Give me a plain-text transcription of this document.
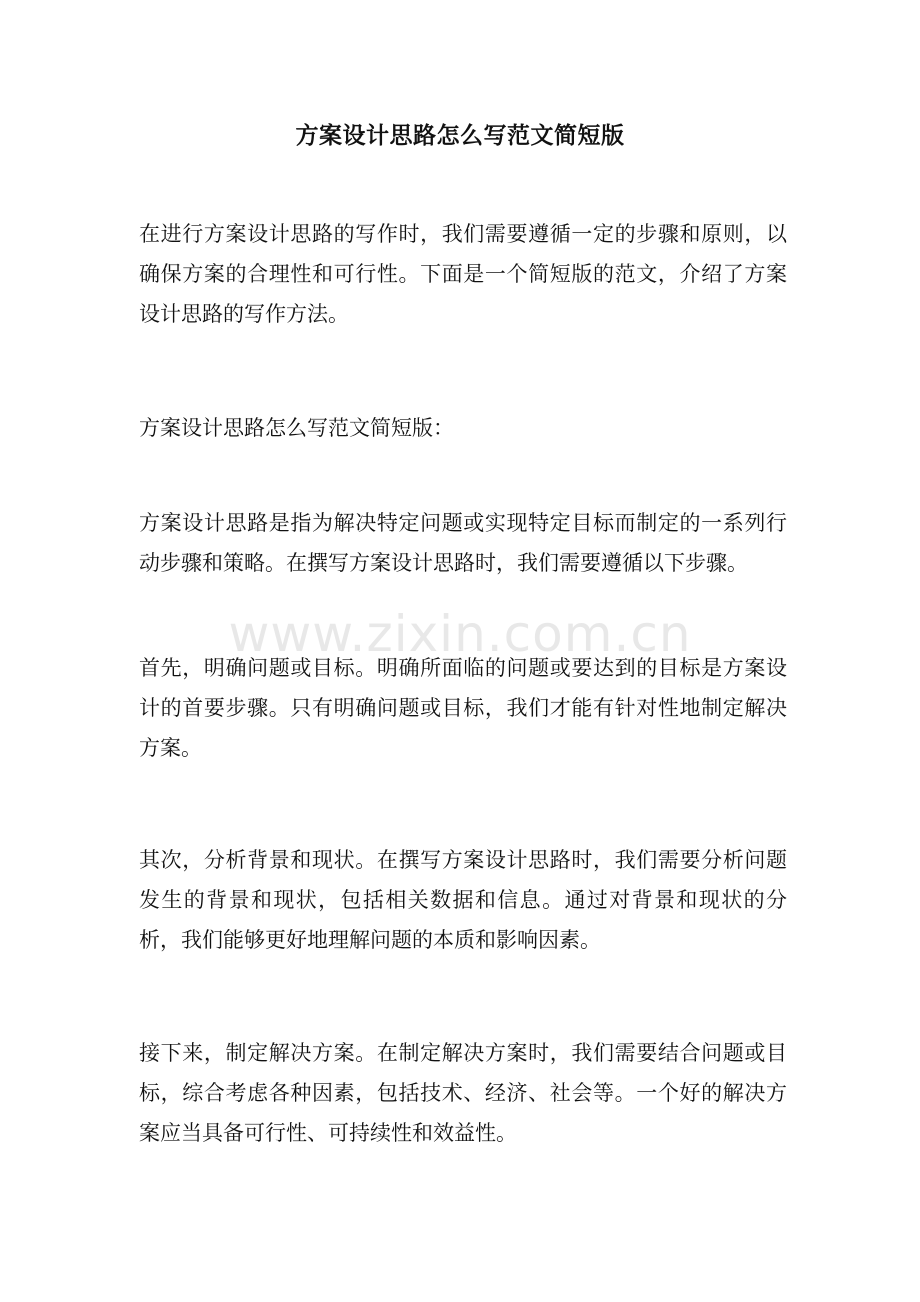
方案设计思路怎么写范文简短版

在进行方案设计思路的写作时，我们需要遵循一定的步骤和原则，以确保方案的合理性和可行性。下面是一个简短版的范文，介绍了方案设计思路的写作方法。

方案设计思路怎么写范文简短版：

方案设计思路是指为解决特定问题或实现特定目标而制定的一系列行动步骤和策略。在撰写方案设计思路时，我们需要遵循以下步骤。

首先，明确问题或目标。明确所面临的问题或要达到的目标是方案设计的首要步骤。只有明确问题或目标，我们才能有针对性地制定解决方案。

其次，分析背景和现状。在撰写方案设计思路时，我们需要分析问题发生的背景和现状，包括相关数据和信息。通过对背景和现状的分析，我们能够更好地理解问题的本质和影响因素。

接下来，制定解决方案。在制定解决方案时，我们需要结合问题或目标，综合考虑各种因素，包括技术、经济、社会等。一个好的解决方案应当具备可行性、可持续性和效益性。

www.zixin.com.cn
